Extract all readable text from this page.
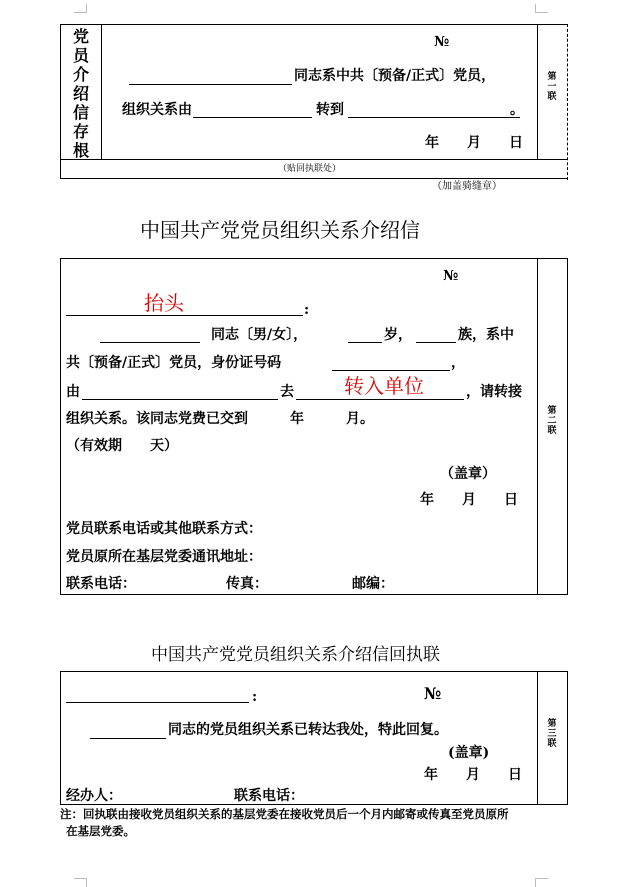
党员介绍信存根
№
同志系中共〔预备/正式〕党员，
组织关系由	转到	。
年　　月　　日
第一联
（贴回执联处）
（加盖骑缝章）
中国共产党党员组织关系介绍信
№
抬头	:
同志〔男/女〕，	岁，	族，系中
共〔预备/正式〕党员，身份证号码	，
由	去	转入单位	，请转接
组织关系。该同志党费已交到　　　年　　　月。
（有效期　　天）
（盖章）
年　　月　　日
党员联系电话或其他联系方式：
党员原所在基层党委通讯地址：
联系电话：	传真：	邮编：
第二联
中国共产党党员组织关系介绍信回执联
:	№
同志的党员组织关系已转达我处，特此回复。
(盖章)
年　　月　　日
经办人：	联系电话：
第三联
注：回执联由接收党员组织关系的基层党委在接收党员后一个月内邮寄或传真至党员原所
在基层党委。
